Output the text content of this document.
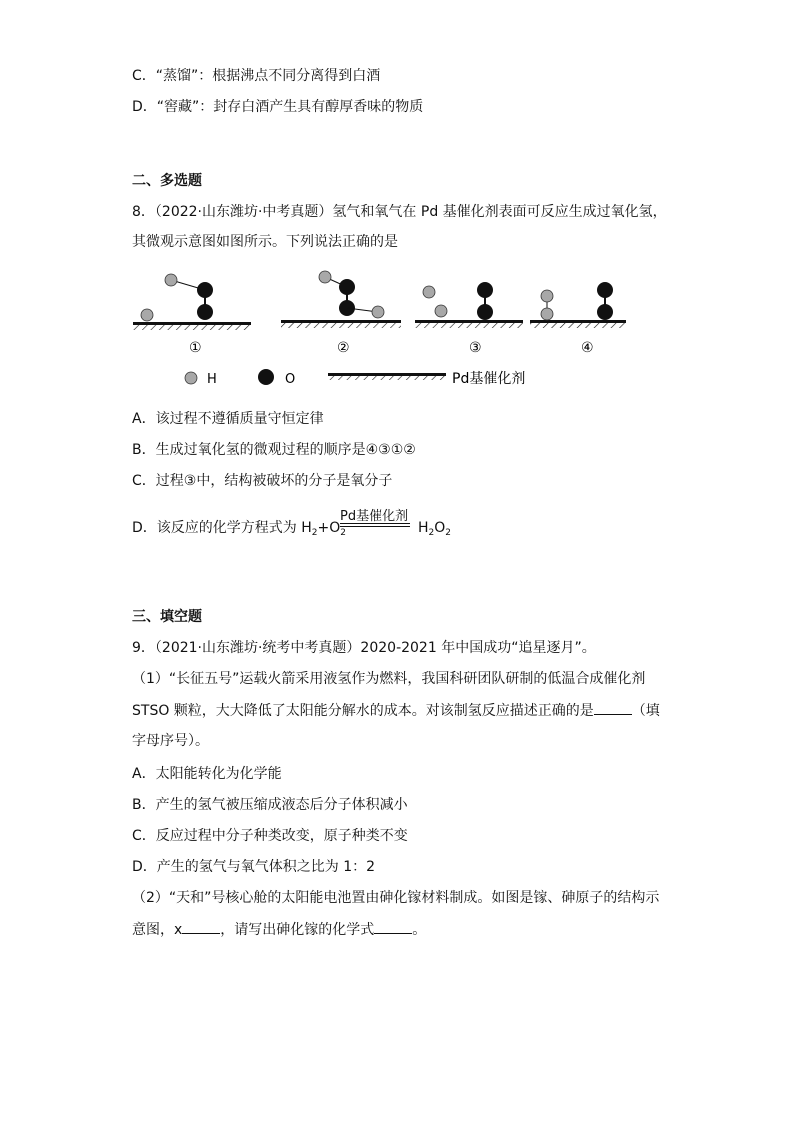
C．“蒸馏”：根据沸点不同分离得到白酒
D．“窖藏”：封存白酒产生具有醇厚香味的物质
二、多选题
8．（2022·山东潍坊·中考真题）氢气和氧气在 Pd 基催化剂表面可反应生成过氧化氢，
其微观示意图如图所示。下列说法正确的是
①	②	③	④
H	O	Pd基催化剂
A．该过程不遵循质量守恒定律
B．生成过氧化氢的微观过程的顺序是④③①②
C．过程③中，结构被破坏的分子是氧分子
D．该反应的化学方程式为 $H_2+O_2$	$H_2O_2$
Pd基催化剂
三、填空题
9．（2021·山东潍坊·统考中考真题）2020-2021 年中国成功“追星逐月”。
（1）“长征五号”运载火箭采用液氢作为燃料，我国科研团队研制的低温合成催化剂
STSO 颗粒，大大降低了太阳能分解水的成本。对该制氢反应描述正确的是	（填
字母序号）。
A．太阳能转化为化学能
B．产生的氢气被压缩成液态后分子体积减小
C．反应过程中分子种类改变，原子种类不变
D．产生的氢气与氧气体积之比为 1：2
（2）“天和”号核心舱的太阳能电池置由砷化镓材料制成。如图是镓、砷原子的结构示
意图，x	，请写出砷化镓的化学式	。
